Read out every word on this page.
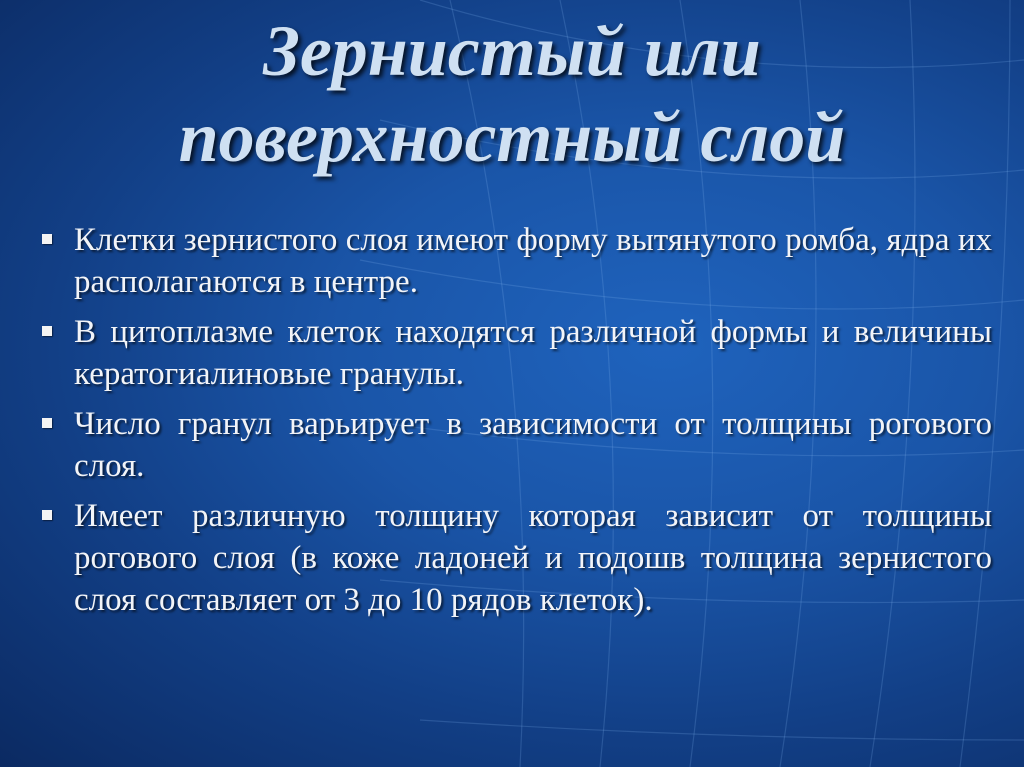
Зернистый или
поверхностный слой
Клетки зернистого слоя имеют форму вытянутого ромба, ядра их располагаются в центре.
В цитоплазме клеток находятся различной формы и величины кератогиалиновые гранулы.
Число гранул варьирует в зависимости от толщины рогового слоя.
Имеет различную толщину которая зависит от толщины рогового слоя (в коже ладоней и подошв толщина зернистого слоя составляет от 3 до 10 рядов клеток).
